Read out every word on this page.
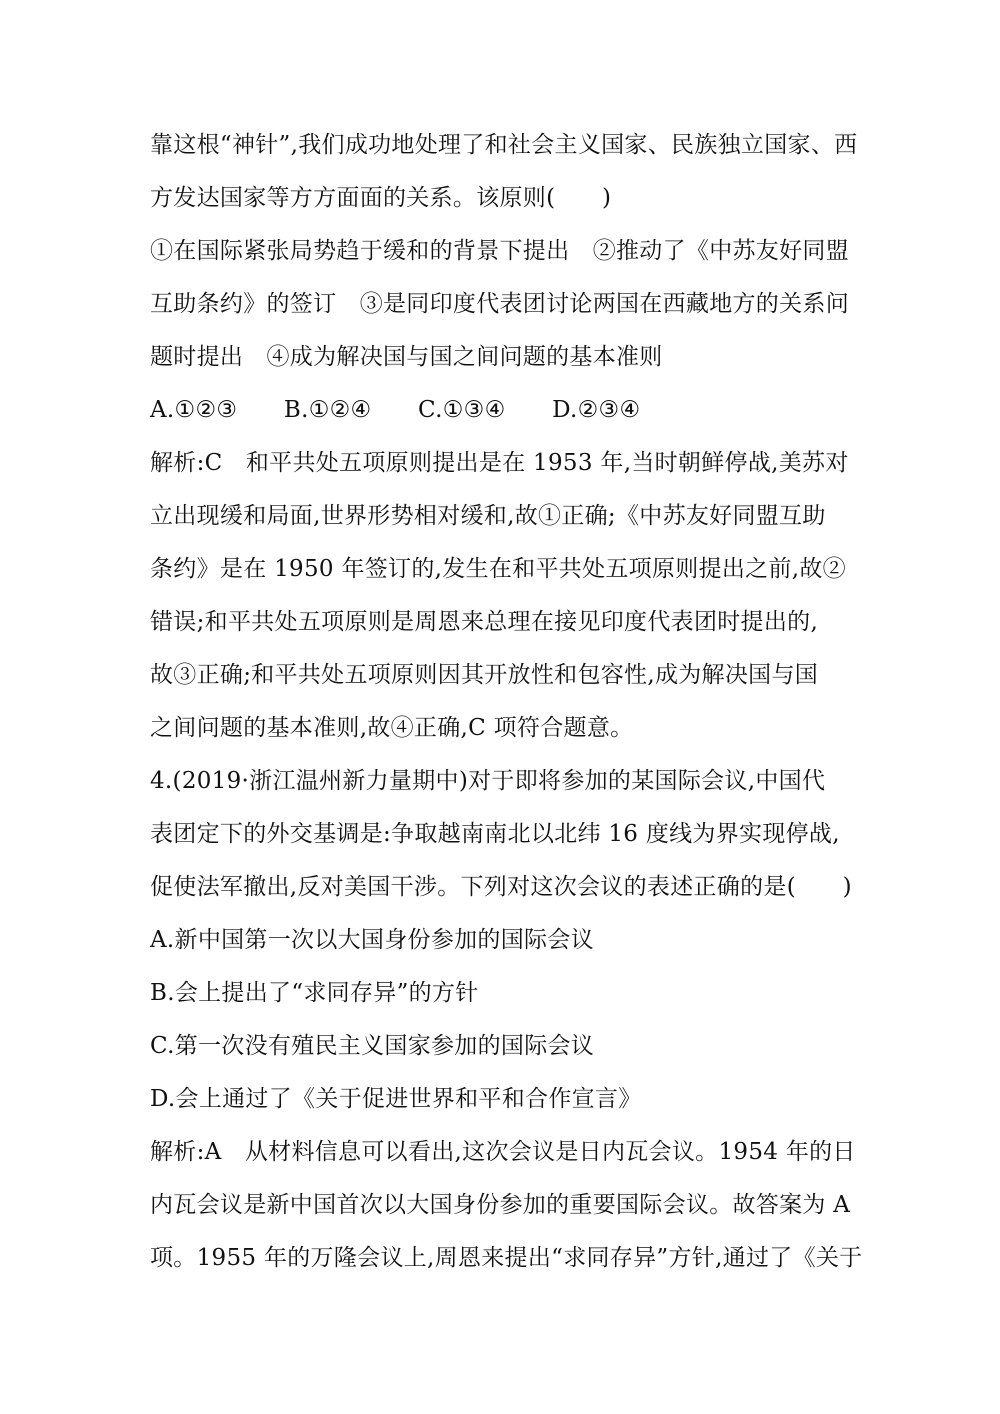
靠这根“神针”,我们成功地处理了和社会主义国家、民族独立国家、西
方发达国家等方方面面的关系。该原则(　　)
①在国际紧张局势趋于缓和的背景下提出　②推动了《中苏友好同盟
互助条约》的签订　③是同印度代表团讨论两国在西藏地方的关系问
题时提出　④成为解决国与国之间问题的基本准则
A.①②③　　B.①②④　　C.①③④　　D.②③④
解析:C　和平共处五项原则提出是在 1953 年,当时朝鲜停战,美苏对
立出现缓和局面,世界形势相对缓和,故①正确;《中苏友好同盟互助
条约》是在 1950 年签订的,发生在和平共处五项原则提出之前,故②
错误;和平共处五项原则是周恩来总理在接见印度代表团时提出的,
故③正确;和平共处五项原则因其开放性和包容性,成为解决国与国
之间问题的基本准则,故④正确,C 项符合题意。
4.(2019·浙江温州新力量期中)对于即将参加的某国际会议,中国代
表团定下的外交基调是:争取越南南北以北纬 16 度线为界实现停战,
促使法军撤出,反对美国干涉。下列对这次会议的表述正确的是(　　)
A.新中国第一次以大国身份参加的国际会议
B.会上提出了“求同存异”的方针
C.第一次没有殖民主义国家参加的国际会议
D.会上通过了《关于促进世界和平和合作宣言》
解析:A　从材料信息可以看出,这次会议是日内瓦会议。1954 年的日
内瓦会议是新中国首次以大国身份参加的重要国际会议。故答案为 A
项。1955 年的万隆会议上,周恩来提出“求同存异”方针,通过了《关于
